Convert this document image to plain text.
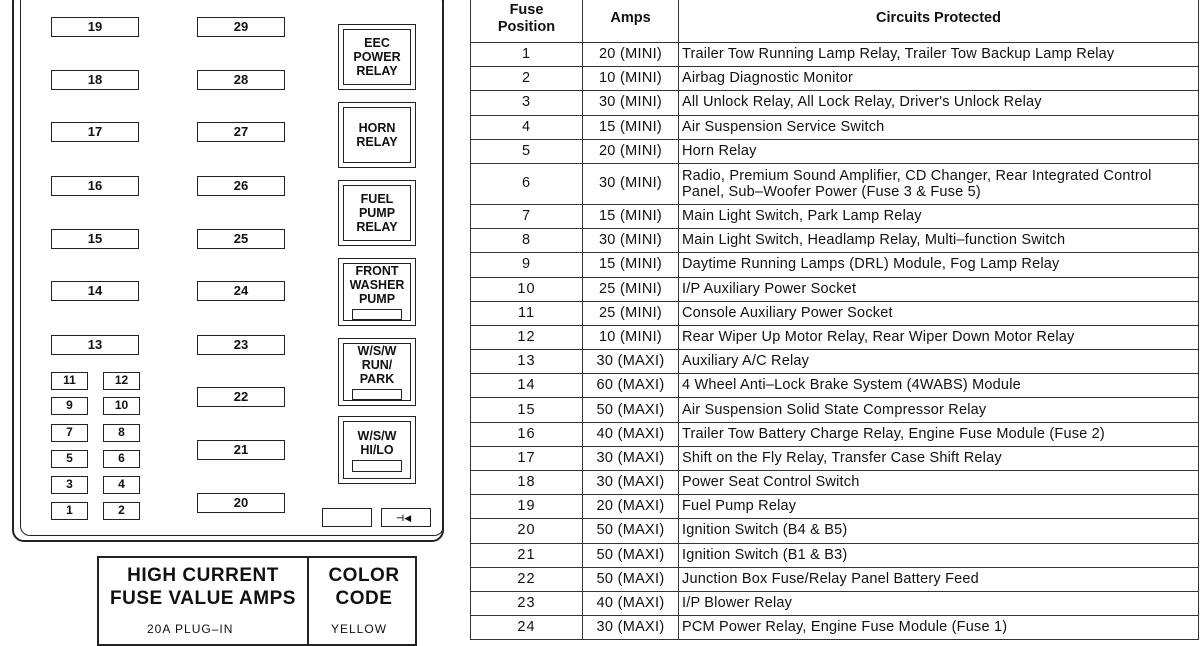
19
18
17
16
15
14
13
29
28
27
26
25
24
23
22
21
20
11
9
7
5
3
1
12
10
8
6
4
2
EEC
POWER
RELAY
HORN
RELAY
FUEL
PUMP
RELAY
FRONT
WASHER
PUMP
W/S/W
RUN/
PARK
W/S/W
HI/LO
⊣◀
HIGH CURRENT
FUSE VALUE AMPS
20A PLUG–IN
COLOR
CODE
YELLOW
Fuse
Position	Amps	Circuits Protected
1	20 (MINI)	Trailer Tow Running Lamp Relay, Trailer Tow Backup Lamp Relay
2	10 (MINI)	Airbag Diagnostic Monitor
3	30 (MINI)	All Unlock Relay, All Lock Relay, Driver's Unlock Relay
4	15 (MINI)	Air Suspension Service Switch
5	20 (MINI)	Horn Relay
6	30 (MINI)	Radio, Premium Sound Amplifier, CD Changer, Rear Integrated Control Panel, Sub–Woofer Power (Fuse 3 & Fuse 5)
7	15 (MINI)	Main Light Switch, Park Lamp Relay
8	30 (MINI)	Main Light Switch, Headlamp Relay, Multi–function Switch
9	15 (MINI)	Daytime Running Lamps (DRL) Module, Fog Lamp Relay
10	25 (MINI)	I/P Auxiliary Power Socket
11	25 (MINI)	Console Auxiliary Power Socket
12	10 (MINI)	Rear Wiper Up Motor Relay, Rear Wiper Down Motor Relay
13	30 (MAXI)	Auxiliary A/C Relay
14	60 (MAXI)	4 Wheel Anti–Lock Brake System (4WABS) Module
15	50 (MAXI)	Air Suspension Solid State Compressor Relay
16	40 (MAXI)	Trailer Tow Battery Charge Relay, Engine Fuse Module (Fuse 2)
17	30 (MAXI)	Shift on the Fly Relay, Transfer Case Shift Relay
18	30 (MAXI)	Power Seat Control Switch
19	20 (MAXI)	Fuel Pump Relay
20	50 (MAXI)	Ignition Switch (B4 & B5)
21	50 (MAXI)	Ignition Switch (B1 & B3)
22	50 (MAXI)	Junction Box Fuse/Relay Panel Battery Feed
23	40 (MAXI)	I/P Blower Relay
24	30 (MAXI)	PCM Power Relay, Engine Fuse Module (Fuse 1)
